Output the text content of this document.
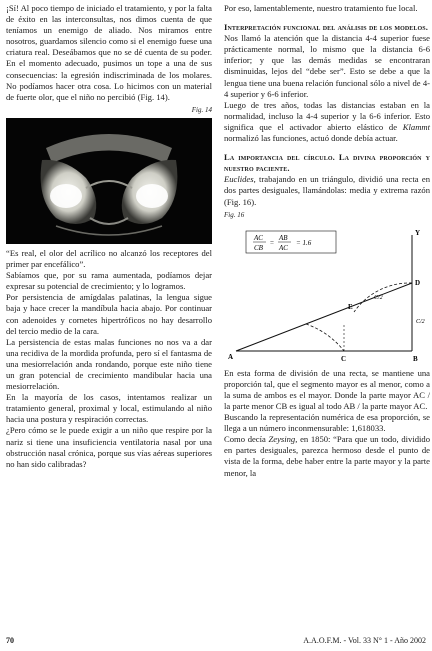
¡Sí! Al poco tiempo de iniciado el tratamiento, y por la falta de éxito en las interconsultas, nos dimos cuenta de que teníamos un enemigo de aliado. Nos miramos entre nosotros, guardamos silencio como si el enemigo fuese una criatura real. Deseábamos que no se dé cuenta de su poder. En el momento adecuado, pusimos un tope a una de sus consecuencias: la egresión indiscriminada de los molares. No podíamos hacer otra cosa. Lo hicimos con un material de fuerte olor, que el niño no percibió (Fig. 14).

Fig. 14

“Es real, el olor del acrílico no alcanzó los receptores del primer par encefálico”.

Sabíamos que, por su rama aumentada, podíamos dejar expresar su potencial de crecimiento; y lo logramos.

Por persistencia de amígdalas palatinas, la lengua sigue baja y hace crecer la mandíbula hacia abajo. Por continuar con adenoides y cornetes hipertróficos no hay desarrollo del tercio medio de la cara.

La persistencia de estas malas funciones no nos va a dar una recidiva de la mordida profunda, pero sí el fantasma de una mesiorrelación anda rondando, porque este niño tiene un gran potencial de crecimiento mandibular hacia una mesiorrelación.

En la mayoría de los casos, intentamos realizar un tratamiento general, proximal y local, estimulando al niño hacia una postura y respiración correctas.

¿Pero cómo se le puede exigir a un niño que respire por la nariz si tiene una insuficiencia ventilatoria nasal por una obstrucción nasal crónica, porque sus vías aéreas superiores no han sido calibradas?

Por eso, lamentablemente, nuestro tratamiento fue local.

Interpretación funcional del análisis de los modelos.

Nos llamó la atención que la distancia 4-4 superior fuese prácticamente normal, lo mismo que la distancia 6-6 inferior; y que las demás medidas se encontraran disminuidas, lejos del “debe ser”. Esto se debe a que la lengua tiene una buena relación funcional sólo a nivel de 4-4 superior y 6-6 inferior.

Luego de tres años, todas las distancias estaban en la normalidad, incluso la 4-4 superior y la 6-6 inferior. Esto significa que el activador abierto elástico de Klammt normalizó las funciones, actuó donde debía actuar.

La importancia del círculo. La divina proporción y nuestro paciente.

Euclides, trabajando en un triángulo, dividió una recta en dos partes desiguales, llamándolas: media y extrema razón (Fig. 16).

Fig. 16
AC
CB
=
AB
AC
= 1.6
Y
D
A	B
C
E
C/2
C/2

En esta forma de división de una recta, se mantiene una proporción tal, que el segmento mayor es al menor, como a la suma de ambos es el mayor. Donde la parte mayor AC / la parte menor CB es igual al todo AB / la parte mayor AC.

Buscando la representación numérica de esa proporción, se llega a un número inconmensurable: 1,618033.

Como decía Zeysing, en 1850: “Para que un todo, dividido en partes desiguales, parezca hermoso desde el punto de vista de la forma, debe haber entre la parte mayor y la parte menor, la

70	A.A.O.F.M. - Vol. 33 N° 1 - Año 2002
